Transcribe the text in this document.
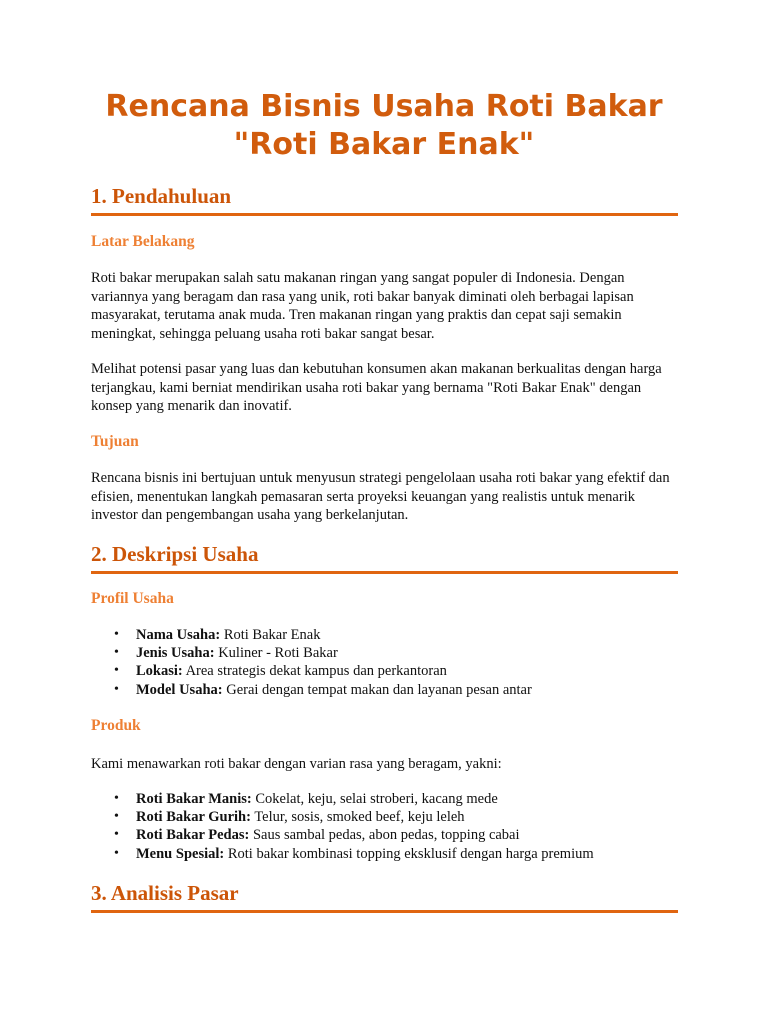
Rencana Bisnis Usaha Roti Bakar
"Roti Bakar Enak"
1. Pendahuluan
Latar Belakang

Roti bakar merupakan salah satu makanan ringan yang sangat populer di Indonesia. Dengan variannya yang beragam dan rasa yang unik, roti bakar banyak diminati oleh berbagai lapisan masyarakat, terutama anak muda. Tren makanan ringan yang praktis dan cepat saji semakin meningkat, sehingga peluang usaha roti bakar sangat besar.

Melihat potensi pasar yang luas dan kebutuhan konsumen akan makanan berkualitas dengan harga terjangkau, kami berniat mendirikan usaha roti bakar yang bernama "Roti Bakar Enak" dengan konsep yang menarik dan inovatif.

Tujuan

Rencana bisnis ini bertujuan untuk menyusun strategi pengelolaan usaha roti bakar yang efektif dan efisien, menentukan langkah pemasaran serta proyeksi keuangan yang realistis untuk menarik investor dan pengembangan usaha yang berkelanjutan.

2. Deskripsi Usaha
Profil Usaha
• Nama Usaha: Roti Bakar Enak
• Jenis Usaha: Kuliner - Roti Bakar
• Lokasi: Area strategis dekat kampus dan perkantoran
• Model Usaha: Gerai dengan tempat makan dan layanan pesan antar
Produk

Kami menawarkan roti bakar dengan varian rasa yang beragam, yakni:

• Roti Bakar Manis: Cokelat, keju, selai stroberi, kacang mede
• Roti Bakar Gurih: Telur, sosis, smoked beef, keju leleh
• Roti Bakar Pedas: Saus sambal pedas, abon pedas, topping cabai
• Menu Spesial: Roti bakar kombinasi topping eksklusif dengan harga premium
3. Analisis Pasar
